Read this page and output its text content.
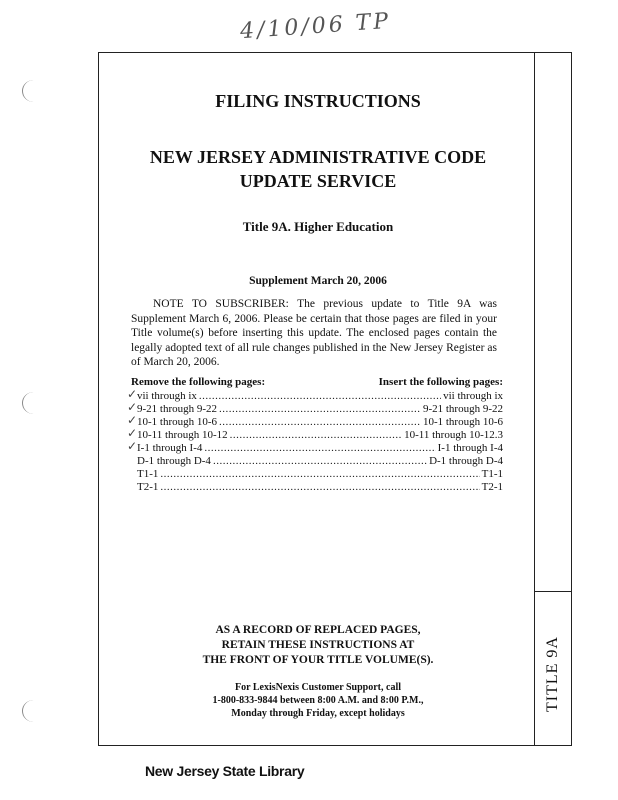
4/10/06 TP
FILING INSTRUCTIONS
NEW JERSEY ADMINISTRATIVE CODE
UPDATE SERVICE
Title 9A. Higher Education
Supplement March 20, 2006
NOTE TO SUBSCRIBER: The previous update to Title 9A was Supplement March 6, 2006. Please be certain that those pages are filed in your Title volume(s) before inserting this update. The enclosed pages contain the legally adopted text of all rule changes published in the New Jersey Register as of March 20, 2006.
Remove the following pages:	Insert the following pages:
✓ vii through ix .....	vii through ix
✓ 9-21 through 9-22 .....	9-21 through 9-22
✓ 10-1 through 10-6 .....	10-1 through 10-6
✓ 10-11 through 10-12 .....	10-11 through 10-12.3
✓ I-1 through I-4 .....	I-1 through I-4
D-1 through D-4 .....	D-1 through D-4
T1-1 .....	T1-1
T2-1 .....	T2-1
AS A RECORD OF REPLACED PAGES,
RETAIN THESE INSTRUCTIONS AT
THE FRONT OF YOUR TITLE VOLUME(S).
For LexisNexis Customer Support, call
1-800-833-9844 between 8:00 A.M. and 8:00 P.M.,
Monday through Friday, except holidays
TITLE 9A
New Jersey State Library
